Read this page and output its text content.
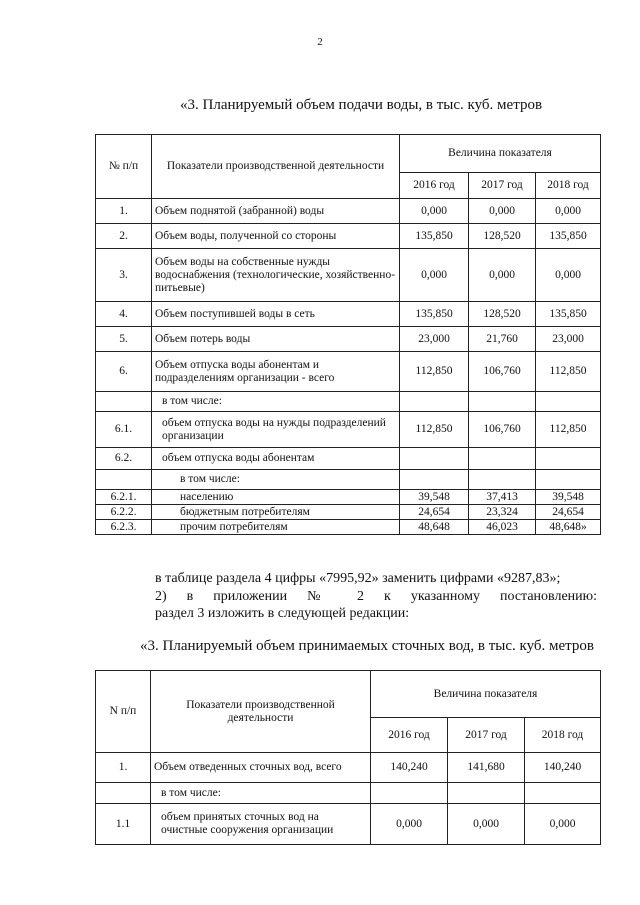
2
«3. Планируемый объем подачи воды, в тыс. куб. метров
№ п/п	Показатели производственной деятельности	Величина показателя		
		2016 год	2017 год	2018 год
1.	Объем поднятой (забранной) воды	0,000	0,000	0,000
2.	Объем воды, полученной со стороны	135,850	128,520	135,850
3.	Объем воды на собственные нужды водоснабжения (технологические, хозяйственно-питьевые)	0,000	0,000	0,000
4.	Объем поступившей воды в сеть	135,850	128,520	135,850
5.	Объем потерь воды	23,000	21,760	23,000
6.	Объем отпуска воды абонентам и подразделениям организации - всего	112,850	106,760	112,850
	в том числе:			
6.1.	объем отпуска воды на нужды подразделений организации	112,850	106,760	112,850
6.2.	объем отпуска воды абонентам			
	в том числе:			
6.2.1.	населению	39,548	37,413	39,548
6.2.2.	бюджетным потребителям	24,654	23,324	24,654
6.2.3.	прочим потребителям	48,648	46,023	48,648»
в таблице раздела 4 цифры «7995,92» заменить цифрами «9287,83»;
2) в приложении № 2 к указанному постановлению:
раздел 3 изложить в следующей редакции:
«3. Планируемый объем принимаемых сточных вод, в тыс. куб. метров
N п/п	Показатели производственной деятельности	Величина показателя		
		2016 год	2017 год	2018 год
1.	Объем отведенных сточных вод, всего	140,240	141,680	140,240
	в том числе:			
1.1	объем принятых сточных вод на очистные сооружения организации	0,000	0,000	0,000
